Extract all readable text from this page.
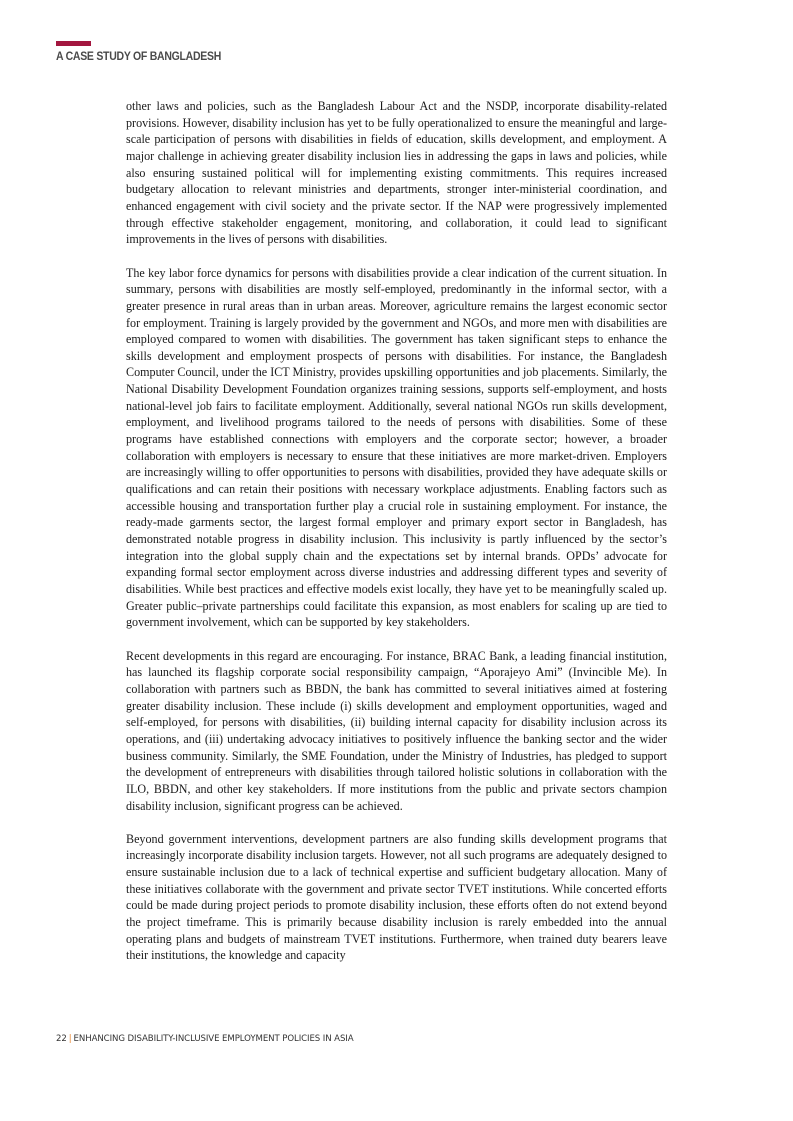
A CASE STUDY OF BANGLADESH

other laws and policies, such as the Bangladesh Labour Act and the NSDP, incorporate disability-related provisions. However, disability inclusion has yet to be fully operationalized to ensure the meaningful and large-scale participation of persons with disabilities in fields of education, skills development, and employment. A major challenge in achieving greater disability inclusion lies in addressing the gaps in laws and policies, while also ensuring sustained political will for implementing existing commitments. This requires increased budgetary allocation to relevant ministries and departments, stronger inter-ministerial coordination, and enhanced engagement with civil society and the private sector. If the NAP were progressively implemented through effective stakeholder engagement, monitoring, and collaboration, it could lead to significant improvements in the lives of persons with disabilities.

The key labor force dynamics for persons with disabilities provide a clear indication of the current situation. In summary, persons with disabilities are mostly self-employed, predominantly in the informal sector, with a greater presence in rural areas than in urban areas. Moreover, agriculture remains the largest economic sector for employment. Training is largely provided by the government and NGOs, and more men with disabilities are employed compared to women with disabilities. The government has taken significant steps to enhance the skills development and employment prospects of persons with disabilities. For instance, the Bangladesh Computer Council, under the ICT Ministry, provides upskilling opportunities and job placements. Similarly, the National Disability Development Foundation organizes training sessions, supports self-employment, and hosts national-level job fairs to facilitate employment. Additionally, several national NGOs run skills development, employment, and livelihood programs tailored to the needs of persons with disabilities. Some of these programs have established connections with employers and the corporate sector; however, a broader collaboration with employers is necessary to ensure that these initiatives are more market-driven. Employers are increasingly willing to offer opportunities to persons with disabilities, provided they have adequate skills or qualifications and can retain their positions with necessary workplace adjustments. Enabling factors such as accessible housing and transportation further play a crucial role in sustaining employment. For instance, the ready-made garments sector, the largest formal employer and primary export sector in Bangladesh, has demonstrated notable progress in disability inclusion. This inclusivity is partly influenced by the sector’s integration into the global supply chain and the expectations set by internal brands. OPDs’ advocate for expanding formal sector employment across diverse industries and addressing different types and severity of disabilities. While best practices and effective models exist locally, they have yet to be meaningfully scaled up. Greater public–private partnerships could facilitate this expansion, as most enablers for scaling up are tied to government involvement, which can be supported by key stakeholders.

Recent developments in this regard are encouraging. For instance, BRAC Bank, a leading financial institution, has launched its flagship corporate social responsibility campaign, “Aporajeyo Ami” (Invincible Me). In collaboration with partners such as BBDN, the bank has committed to several initiatives aimed at fostering greater disability inclusion. These include (i) skills development and employment opportunities, waged and self-employed, for persons with disabilities, (ii) building internal capacity for disability inclusion across its operations, and (iii) undertaking advocacy initiatives to positively influence the banking sector and the wider business community. Similarly, the SME Foundation, under the Ministry of Industries, has pledged to support the development of entrepreneurs with disabilities through tailored holistic solutions in collaboration with the ILO, BBDN, and other key stakeholders. If more institutions from the public and private sectors champion disability inclusion, significant progress can be achieved.

Beyond government interventions, development partners are also funding skills development programs that increasingly incorporate disability inclusion targets. However, not all such programs are adequately designed to ensure sustainable inclusion due to a lack of technical expertise and sufficient budgetary allocation. Many of these initiatives collaborate with the government and private sector TVET institutions. While concerted efforts could be made during project periods to promote disability inclusion, these efforts often do not extend beyond the project timeframe. This is primarily because disability inclusion is rarely embedded into the annual operating plans and budgets of mainstream TVET institutions. Furthermore, when trained duty bearers leave their institutions, the knowledge and capacity

22 | ENHANCING DISABILITY-INCLUSIVE EMPLOYMENT POLICIES IN ASIA
